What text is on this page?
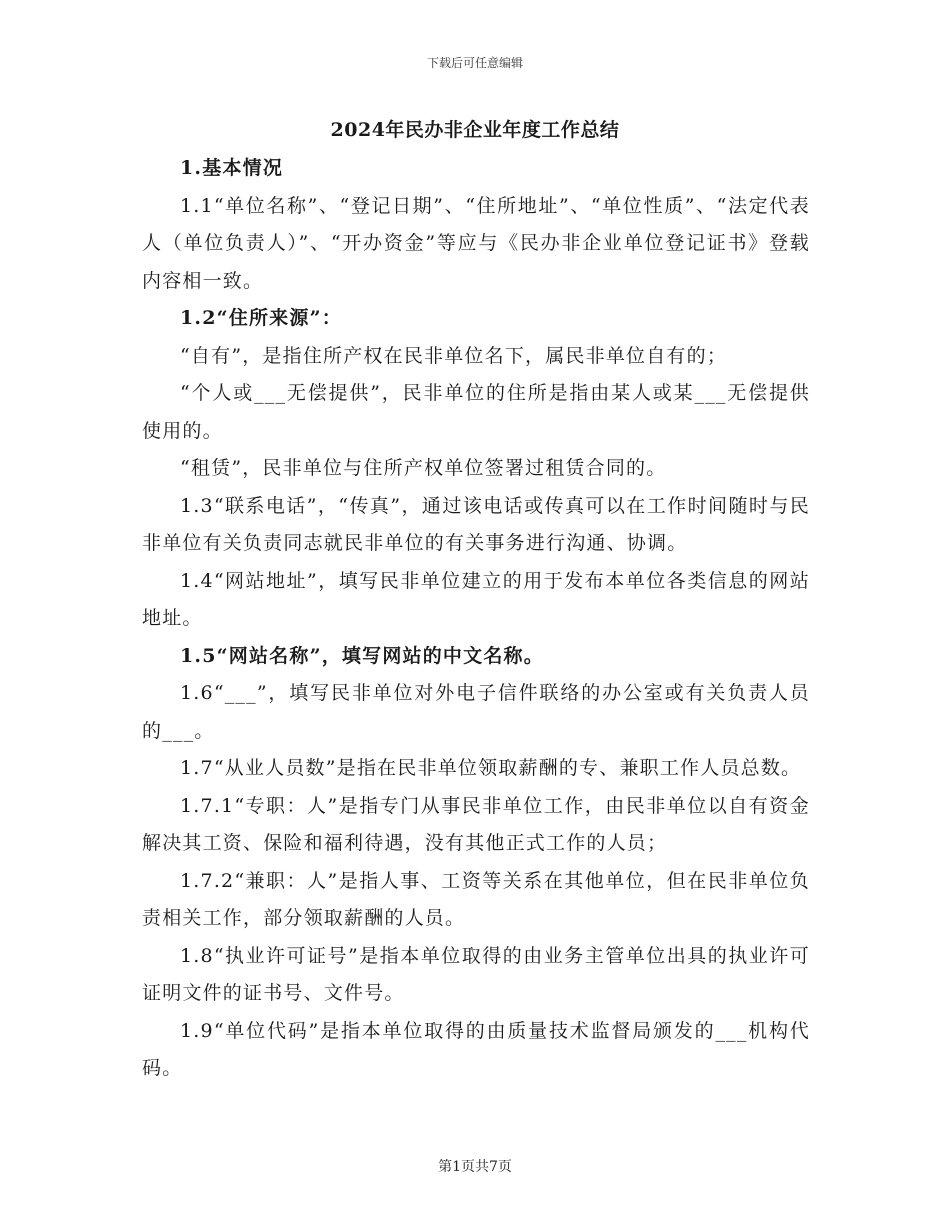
下载后可任意编辑
2024年民办非企业年度工作总结

1.基本情况

1.1“单位名称”、“登记日期”、“住所地址”、“单位性质”、“法定代表人（单位负责人）”、“开办资金”等应与《民办非企业单位登记证书》登载内容相一致。

1.2“住所来源”：

“自有”，是指住所产权在民非单位名下，属民非单位自有的；

“个人或___无偿提供”，民非单位的住所是指由某人或某___无偿提供使用的。

“租赁”，民非单位与住所产权单位签署过租赁合同的。

1.3“联系电话”，“传真”，通过该电话或传真可以在工作时间随时与民非单位有关负责同志就民非单位的有关事务进行沟通、协调。

1.4“网站地址”，填写民非单位建立的用于发布本单位各类信息的网站地址。

1.5“网站名称”，填写网站的中文名称。

1.6“___”，填写民非单位对外电子信件联络的办公室或有关负责人员的___。

1.7“从业人员数”是指在民非单位领取薪酬的专、兼职工作人员总数。

1.7.1“专职：人”是指专门从事民非单位工作，由民非单位以自有资金解决其工资、保险和福利待遇，没有其他正式工作的人员；

1.7.2“兼职：人”是指人事、工资等关系在其他单位，但在民非单位负责相关工作，部分领取薪酬的人员。

1.8“执业许可证号”是指本单位取得的由业务主管单位出具的执业许可证明文件的证书号、文件号。

1.9“单位代码”是指本单位取得的由质量技术监督局颁发的___机构代码。

第1页共7页
